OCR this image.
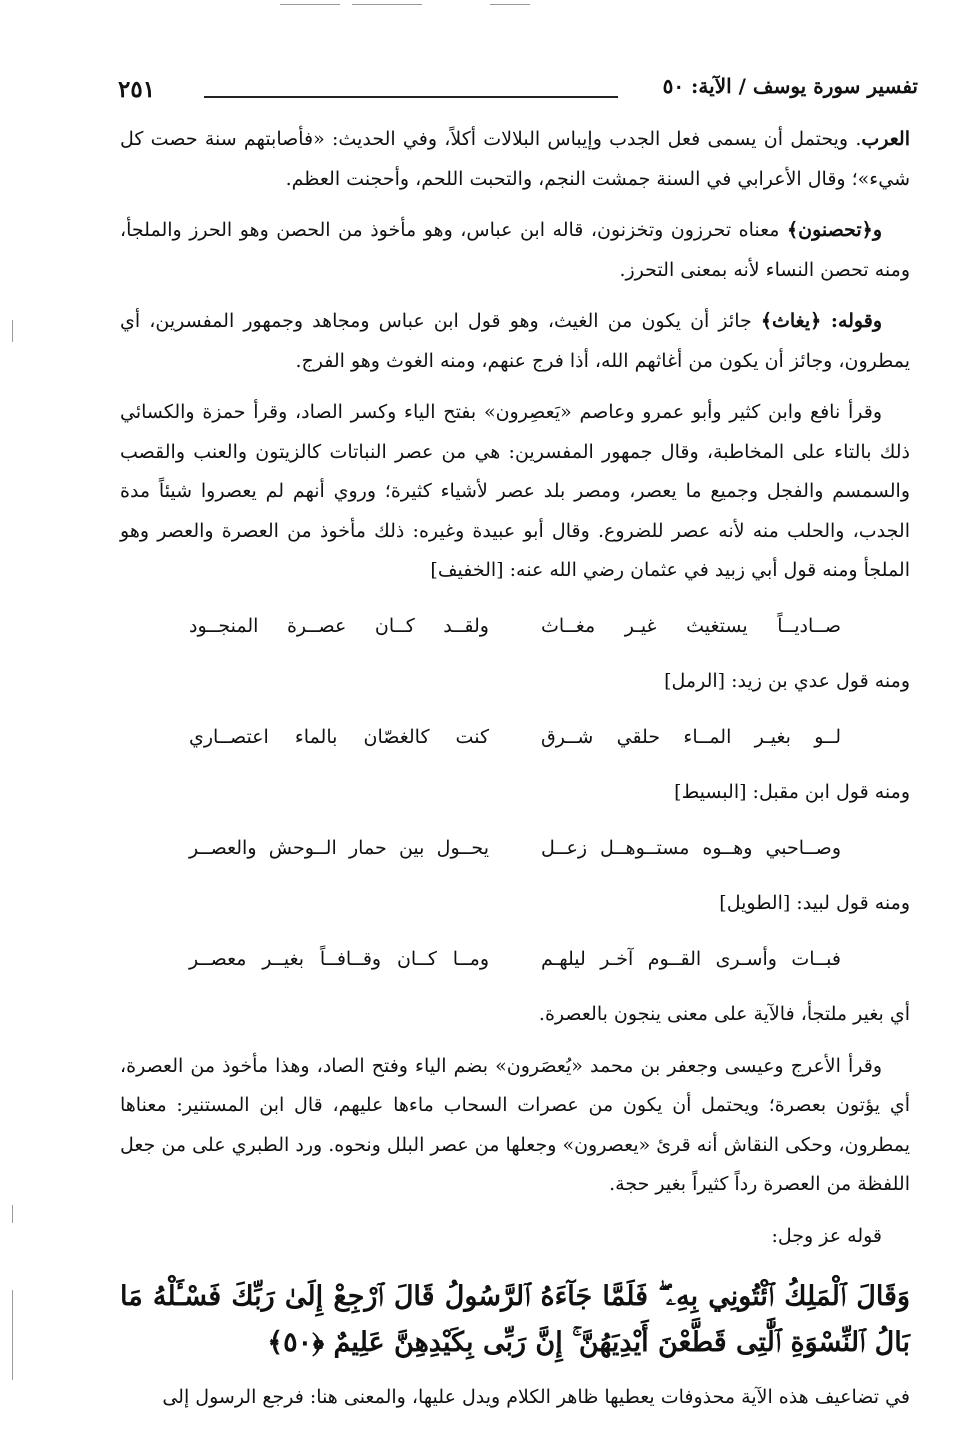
تفسير سورة يوسف / الآية: ٥٠
٢٥١

العرب. ويحتمل أن يسمى فعل الجدب وإيباس البلالات أكلاً، وفي الحديث: «فأصابتهم سنة حصت كل شيء»؛ وقال الأعرابي في السنة جمشت النجم، والتحبت اللحم، وأحجنت العظم.

و﴿تحصنون﴾ معناه تحرزون وتخزنون، قاله ابن عباس، وهو مأخوذ من الحصن وهو الحرز والملجأ، ومنه تحصن النساء لأنه بمعنى التحرز.

وقوله: ﴿يغاث﴾ جائز أن يكون من الغيث، وهو قول ابن عباس ومجاهد وجمهور المفسرين، أي يمطرون، وجائز أن يكون من أغاثهم الله، أذا فرج عنهم، ومنه الغوث وهو الفرج.

وقرأ نافع وابن كثير وأبو عمرو وعاصم «يَعصِرون» بفتح الياء وكسر الصاد، وقرأ حمزة والكسائي ذلك بالتاء على المخاطبة، وقال جمهور المفسرين: هي من عصر النباتات كالزيتون والعنب والقصب والسمسم والفجل وجميع ما يعصر، ومصر بلد عصر لأشياء كثيرة؛ وروي أنهم لم يعصروا شيئاً مدة الجدب، والحلب منه لأنه عصر للضروع. وقال أبو عبيدة وغيره: ذلك مأخوذ من العصرة والعصر وهو الملجأ ومنه قول أبي زبيد في عثمان رضي الله عنه: [الخفيف]

صــاديــاً يستغيث غيـر مغــاث
ولقــد كــان عصــرة المنجــود

ومنه قول عدي بن زيد: [الرمل]

لــو بغيـر المــاء حلقي شــرق
كنت كالغصّان بالماء اعتصــاري

ومنه قول ابن مقبل: [البسيط]

وصــاحبي وهــوه مستــوهــل زعــل
يحــول بين حمار الــوحش والعصــر

ومنه قول لبيد: [الطويل]

فبــات وأسـرى القــوم آخـر ليلهـم
ومــا كــان وقــافــاً بغيــر معصــر

أي بغير ملتجأ، فالآية على معنى ينجون بالعصرة.

وقرأ الأعرج وعيسى وجعفر بن محمد «يُعصَرون» بضم الياء وفتح الصاد، وهذا مأخوذ من العصرة، أي يؤتون بعصرة؛ ويحتمل أن يكون من عصرات السحاب ماءها عليهم، قال ابن المستنير: معناها يمطرون، وحكى النقاش أنه قرئ «يعصرون» وجعلها من عصر البلل ونحوه. ورد الطبري على من جعل اللفظة من العصرة رداً كثيراً بغير حجة.

قوله عز وجل:

وَقَالَ ٱلْمَلِكُ ٱئْتُونِي بِهِۦ ۖ فَلَمَّا جَآءَهُ ٱلرَّسُولُ قَالَ ٱرْجِعْ إِلَىٰ رَبِّكَ فَسْـَٔلْهُ مَا بَالُ ٱلنِّسْوَةِ ٱلَّٰتِى قَطَّعْنَ أَيْدِيَهُنَّ ۚ إِنَّ رَبِّى بِكَيْدِهِنَّ عَلِيمٌ ﴿٥٠﴾

في تضاعيف هذه الآية محذوفات يعطيها ظاهر الكلام ويدل عليها، والمعنى هنا: فرجع الرسول إلى
